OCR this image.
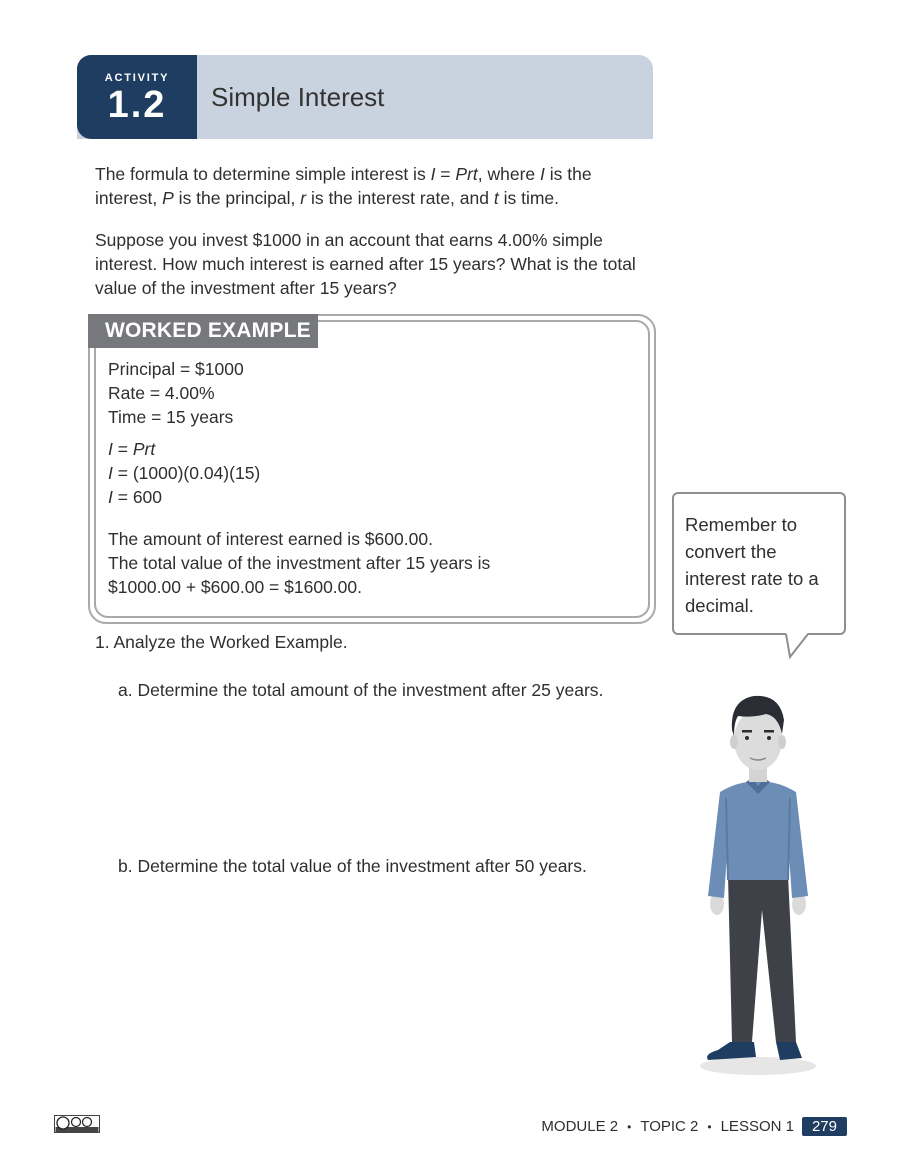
ACTIVITY
1.2	Simple Interest

The formula to determine simple interest is I = Prt, where I is the interest, P is the principal, r is the interest rate, and t is time.

Suppose you invest $1000 in an account that earns 4.00% simple interest. How much interest is earned after 15 years? What is the total value of the investment after 15 years?
WORKED EXAMPLE
Principal = $1000
Rate = 4.00%
Time = 15 years
I = Prt
I = (1000)(0.04)(15)
I = 600
The amount of interest earned is $600.00.
The total value of the investment after 15 years is
$1000.00 + $600.00 = $1600.00.
1. Analyze the Worked Example.
a. Determine the total amount of the investment after 25 years.
b. Determine the total value of the investment after 50 years.
Remember to convert the interest rate to a decimal.
MODULE 2 • TOPIC 2 • LESSON 1	279
